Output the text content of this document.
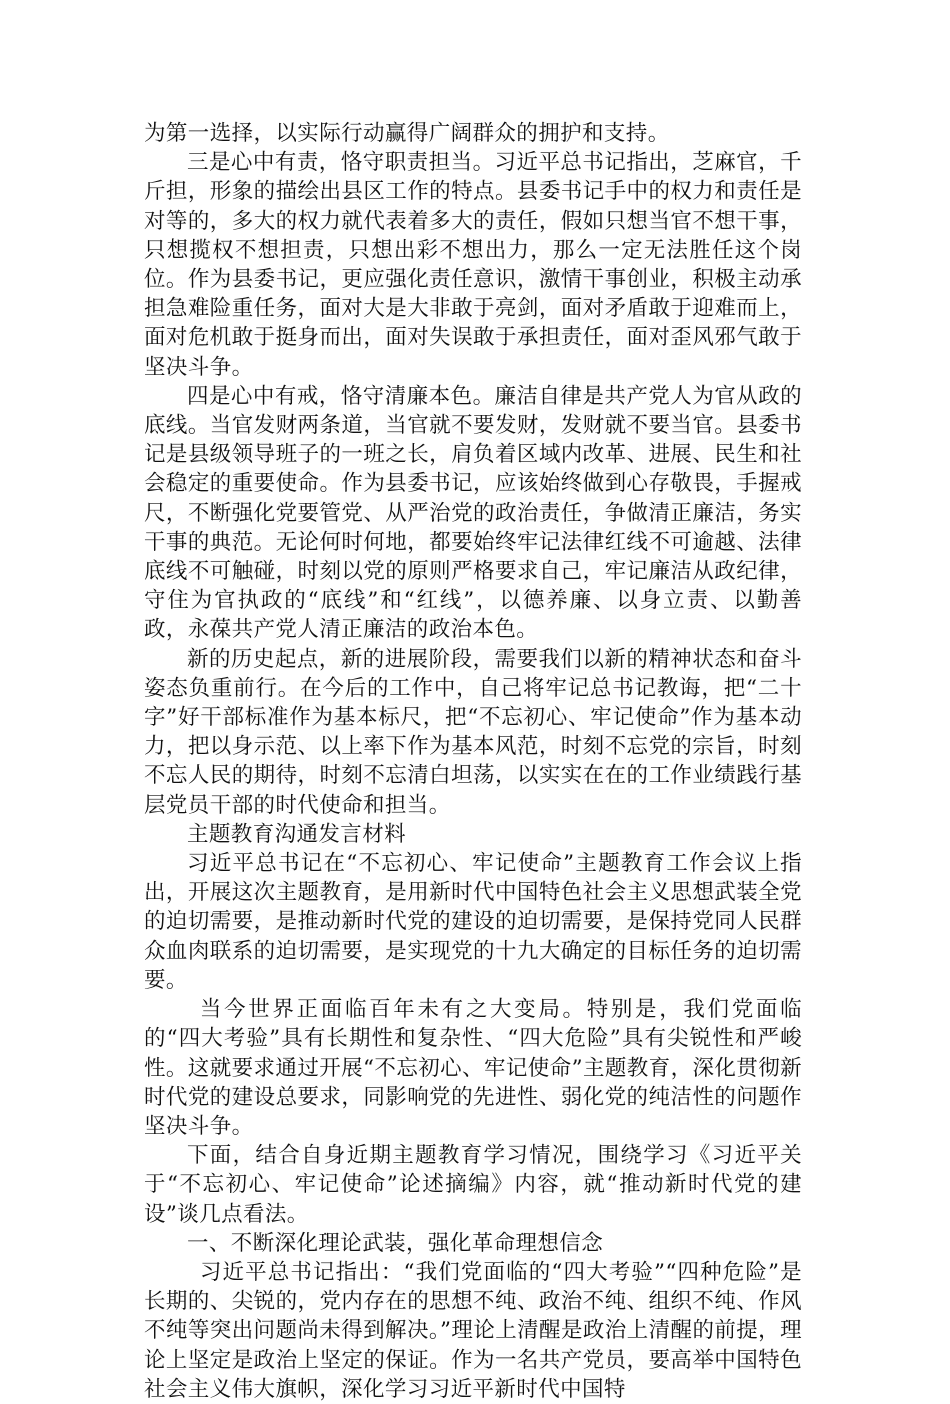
为第一选择，以实际行动赢得广阔群众的拥护和支持。

三是心中有责，恪守职责担当。习近平总书记指出，芝麻官，千斤担，形象的描绘出县区工作的特点。县委书记手中的权力和责任是对等的，多大的权力就代表着多大的责任，假如只想当官不想干事，只想揽权不想担责，只想出彩不想出力，那么一定无法胜任这个岗位。作为县委书记，更应强化责任意识，激情干事创业，积极主动承担急难险重任务，面对大是大非敢于亮剑，面对矛盾敢于迎难而上，面对危机敢于挺身而出，面对失误敢于承担责任，面对歪风邪气敢于坚决斗争。

四是心中有戒，恪守清廉本色。廉洁自律是共产党人为官从政的底线。当官发财两条道，当官就不要发财，发财就不要当官。县委书记是县级领导班子的一班之长，肩负着区域内改革、进展、民生和社会稳定的重要使命。作为县委书记，应该始终做到心存敬畏，手握戒尺，不断强化党要管党、从严治党的政治责任，争做清正廉洁，务实干事的典范。无论何时何地，都要始终牢记法律红线不可逾越、法律底线不可触碰，时刻以党的原则严格要求自己，牢记廉洁从政纪律，守住为官执政的“底线”和“红线”，以德养廉、以身立责、以勤善政，永葆共产党人清正廉洁的政治本色。

新的历史起点，新的进展阶段，需要我们以新的精神状态和奋斗姿态负重前行。在今后的工作中，自己将牢记总书记教诲，把“二十字”好干部标准作为基本标尺，把“不忘初心、牢记使命”作为基本动力，把以身示范、以上率下作为基本风范，时刻不忘党的宗旨，时刻不忘人民的期待，时刻不忘清白坦荡，以实实在在的工作业绩践行基层党员干部的时代使命和担当。

主题教育沟通发言材料

习近平总书记在“不忘初心、牢记使命”主题教育工作会议上指出，开展这次主题教育，是用新时代中国特色社会主义思想武装全党的迫切需要，是推动新时代党的建设的迫切需要，是保持党同人民群众血肉联系的迫切需要，是实现党的十九大确定的目标任务的迫切需要。

当今世界正面临百年未有之大变局。特别是，我们党面临的“四大考验”具有长期性和复杂性、“四大危险”具有尖锐性和严峻性。这就要求通过开展“不忘初心、牢记使命”主题教育，深化贯彻新时代党的建设总要求，同影响党的先进性、弱化党的纯洁性的问题作坚决斗争。

下面，结合自身近期主题教育学习情况，围绕学习《习近平关于“不忘初心、牢记使命”论述摘编》内容，就“推动新时代党的建设”谈几点看法。

一、不断深化理论武装，强化革命理想信念

习近平总书记指出：“我们党面临的“四大考验”“四种危险”是长期的、尖锐的，党内存在的思想不纯、政治不纯、组织不纯、作风不纯等突出问题尚未得到解决。”理论上清醒是政治上清醒的前提，理论上坚定是政治上坚定的保证。作为一名共产党员，要高举中国特色社会主义伟大旗帜，深化学习习近平新时代中国特
